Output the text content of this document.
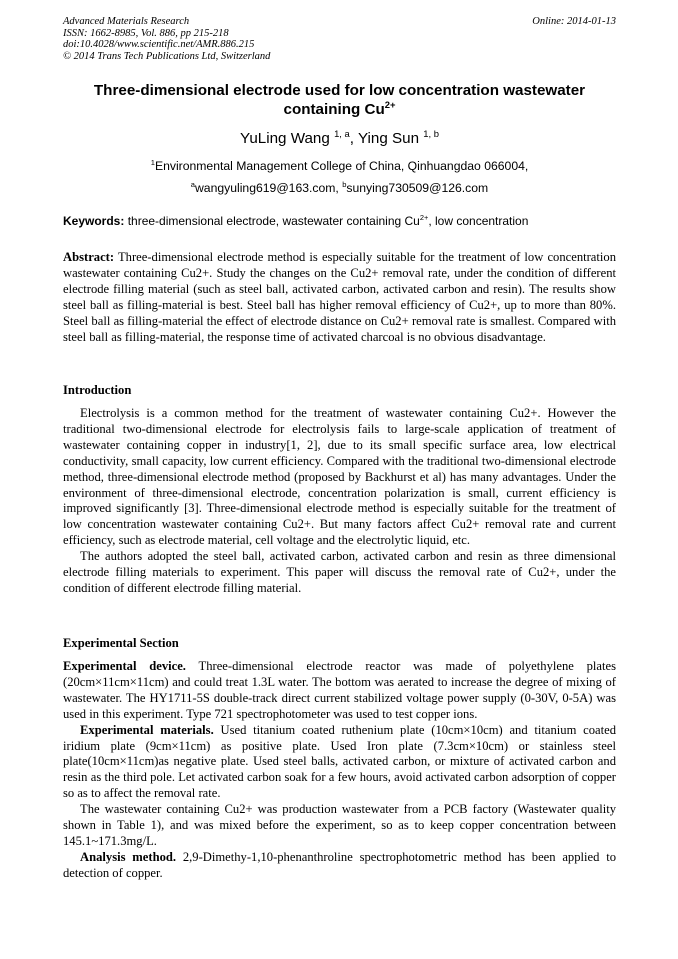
Advanced Materials Research
ISSN: 1662-8985, Vol. 886, pp 215-218
doi:10.4028/www.scientific.net/AMR.886.215
© 2014 Trans Tech Publications Ltd, Switzerland
Online: 2014-01-13
Three-dimensional electrode used for low concentration wastewater
containing $Cu^{2+}$
YuLing Wang $^{1, a}$, Ying Sun $^{1, b}$
$^1$Environmental Management College of China, Qinhuangdao 066004,
$^a$wangyuling619@163.com, $^b$sunying730509@126.com
Keywords: three-dimensional electrode, wastewater containing $Cu^{2+}$, low concentration

Abstract: Three-dimensional electrode method is especially suitable for the treatment of low concentration wastewater containing Cu2+. Study the changes on the Cu2+ removal rate, under the condition of different electrode filling material (such as steel ball, activated carbon, activated carbon and resin). The results show steel ball as filling-material is best. Steel ball has higher removal efficiency of Cu2+, up to more than 80%. Steel ball as filling-material the effect of electrode distance on Cu2+ removal rate is smallest. Compared with steel ball as filling-material, the response time of activated charcoal is no obvious disadvantage.

Introduction

Electrolysis is a common method for the treatment of wastewater containing Cu2+. However the traditional two-dimensional electrode for electrolysis fails to large-scale application of treatment of wastewater containing copper in industry[1, 2], due to its small specific surface area, low electrical conductivity, small capacity, low current efficiency. Compared with the traditional two-dimensional electrode method, three-dimensional electrode method (proposed by Backhurst et al) has many advantages. Under the environment of three-dimensional electrode, concentration polarization is small, current efficiency is improved significantly [3]. Three-dimensional electrode method is especially suitable for the treatment of low concentration wastewater containing Cu2+. But many factors affect Cu2+ removal rate and current efficiency, such as electrode material, cell voltage and the electrolytic liquid, etc.

The authors adopted the steel ball, activated carbon, activated carbon and resin as three dimensional electrode filling materials to experiment. This paper will discuss the removal rate of Cu2+, under the condition of different electrode filling material.

Experimental Section

Experimental device. Three-dimensional electrode reactor was made of polyethylene plates (20cm×11cm×11cm) and could treat 1.3L water. The bottom was aerated to increase the degree of mixing of wastewater. The HY1711-5S double-track direct current stabilized voltage power supply (0-30V, 0-5A) was used in this experiment. Type 721 spectrophotometer was used to test copper ions.

Experimental materials. Used titanium coated ruthenium plate (10cm×10cm) and titanium coated iridium plate (9cm×11cm) as positive plate. Used Iron plate (7.3cm×10cm) or stainless steel plate(10cm×11cm)as negative plate. Used steel balls, activated carbon, or mixture of activated carbon and resin as the third pole. Let activated carbon soak for a few hours, avoid activated carbon adsorption of copper so as to affect the removal rate.

The wastewater containing Cu2+ was production wastewater from a PCB factory (Wastewater quality shown in Table 1), and was mixed before the experiment, so as to keep copper concentration between 145.1~171.3mg/L.

Analysis method. 2,9-Dimethy-1,10-phenanthroline spectrophotometric method has been applied to detection of copper.
